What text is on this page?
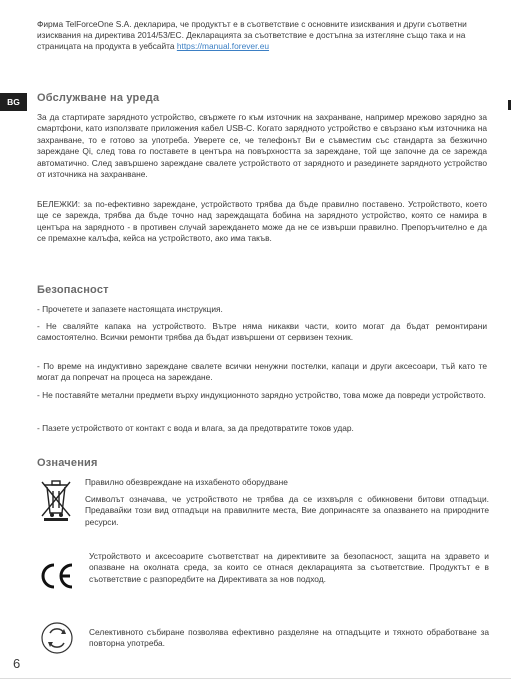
Фирма TelForceOne S.A. декларира, че продуктът е в съответствие с основните изисквания и други съответни изисквания на директива 2014/53/EC. Декларацията за съответствие е достъпна за изтегляне също така и на страницата на продукта в уебсайта https://manual.forever.eu

BG	Обслужване на уреда

За да стартирате зарядното устройство, свържете го към източник на захранване, например мрежово зарядно за смартфони, като използвате приложения кабел USB-C. Когато зарядното устройство е свързано към източника на захранване, то е готово за употреба. Уверете се, че телефонът Ви е съвместим със стандарта за безжично зареждане Qi, след това го поставете в центъра на повърхността за зареждане, той ще започне да се зарежда автоматично. След завършено зареждане свалете устройството от зарядното и разединете зарядното устройство от източника на захранване.

БЕЛЕЖКИ: за по-ефективно зареждане, устройството трябва да бъде правилно поставено. Устройството, което ще се зарежда, трябва да бъде точно над зареждащата бобина на зарядното устройство, която се намира в центъра на зарядното - в противен случай зареждането може да не се извърши правилно. Препоръчително е да се премахне калъфа, кейса на устройството, ако има такъв.

Безопасност

- Прочетете и запазете настоящата инструкция.

- Не сваляйте капака на устройството. Вътре няма никакви части, които могат да бъдат ремонтирани самостоятелно. Всички ремонти трябва да бъдат извършени от сервизен техник.

- По време на индуктивно зареждане свалете всички ненужни постелки, капаци и други аксесоари, тъй като те могат да попречат на процеса на зареждане.

- Не поставяйте метални предмети върху индукционното зарядно устройство, това може да повреди устройството.

- Пазете устройството от контакт с вода и влага, за да предотвратите токов удар.

Означения

Правилно обезвреждане на изхабеното оборудване

Символът означава, че устройството не трябва да се изхвърля с обикновени битови отпадъци. Предавайки този вид отпадъци на правилните места, Вие допринасяте за опазването на природните ресурси.

Устройството и аксесоарите съответстват на директивите за безопасност, защита на здравето и опазване на околната среда, за които се отнася декларацията за съответствие. Продуктът е в съответствие с разпоредбите на Директивата за нов подход.

Селективното събиране позволява ефективно разделяне на отпадъците и тяхното обработване за повторна употреба.

6
